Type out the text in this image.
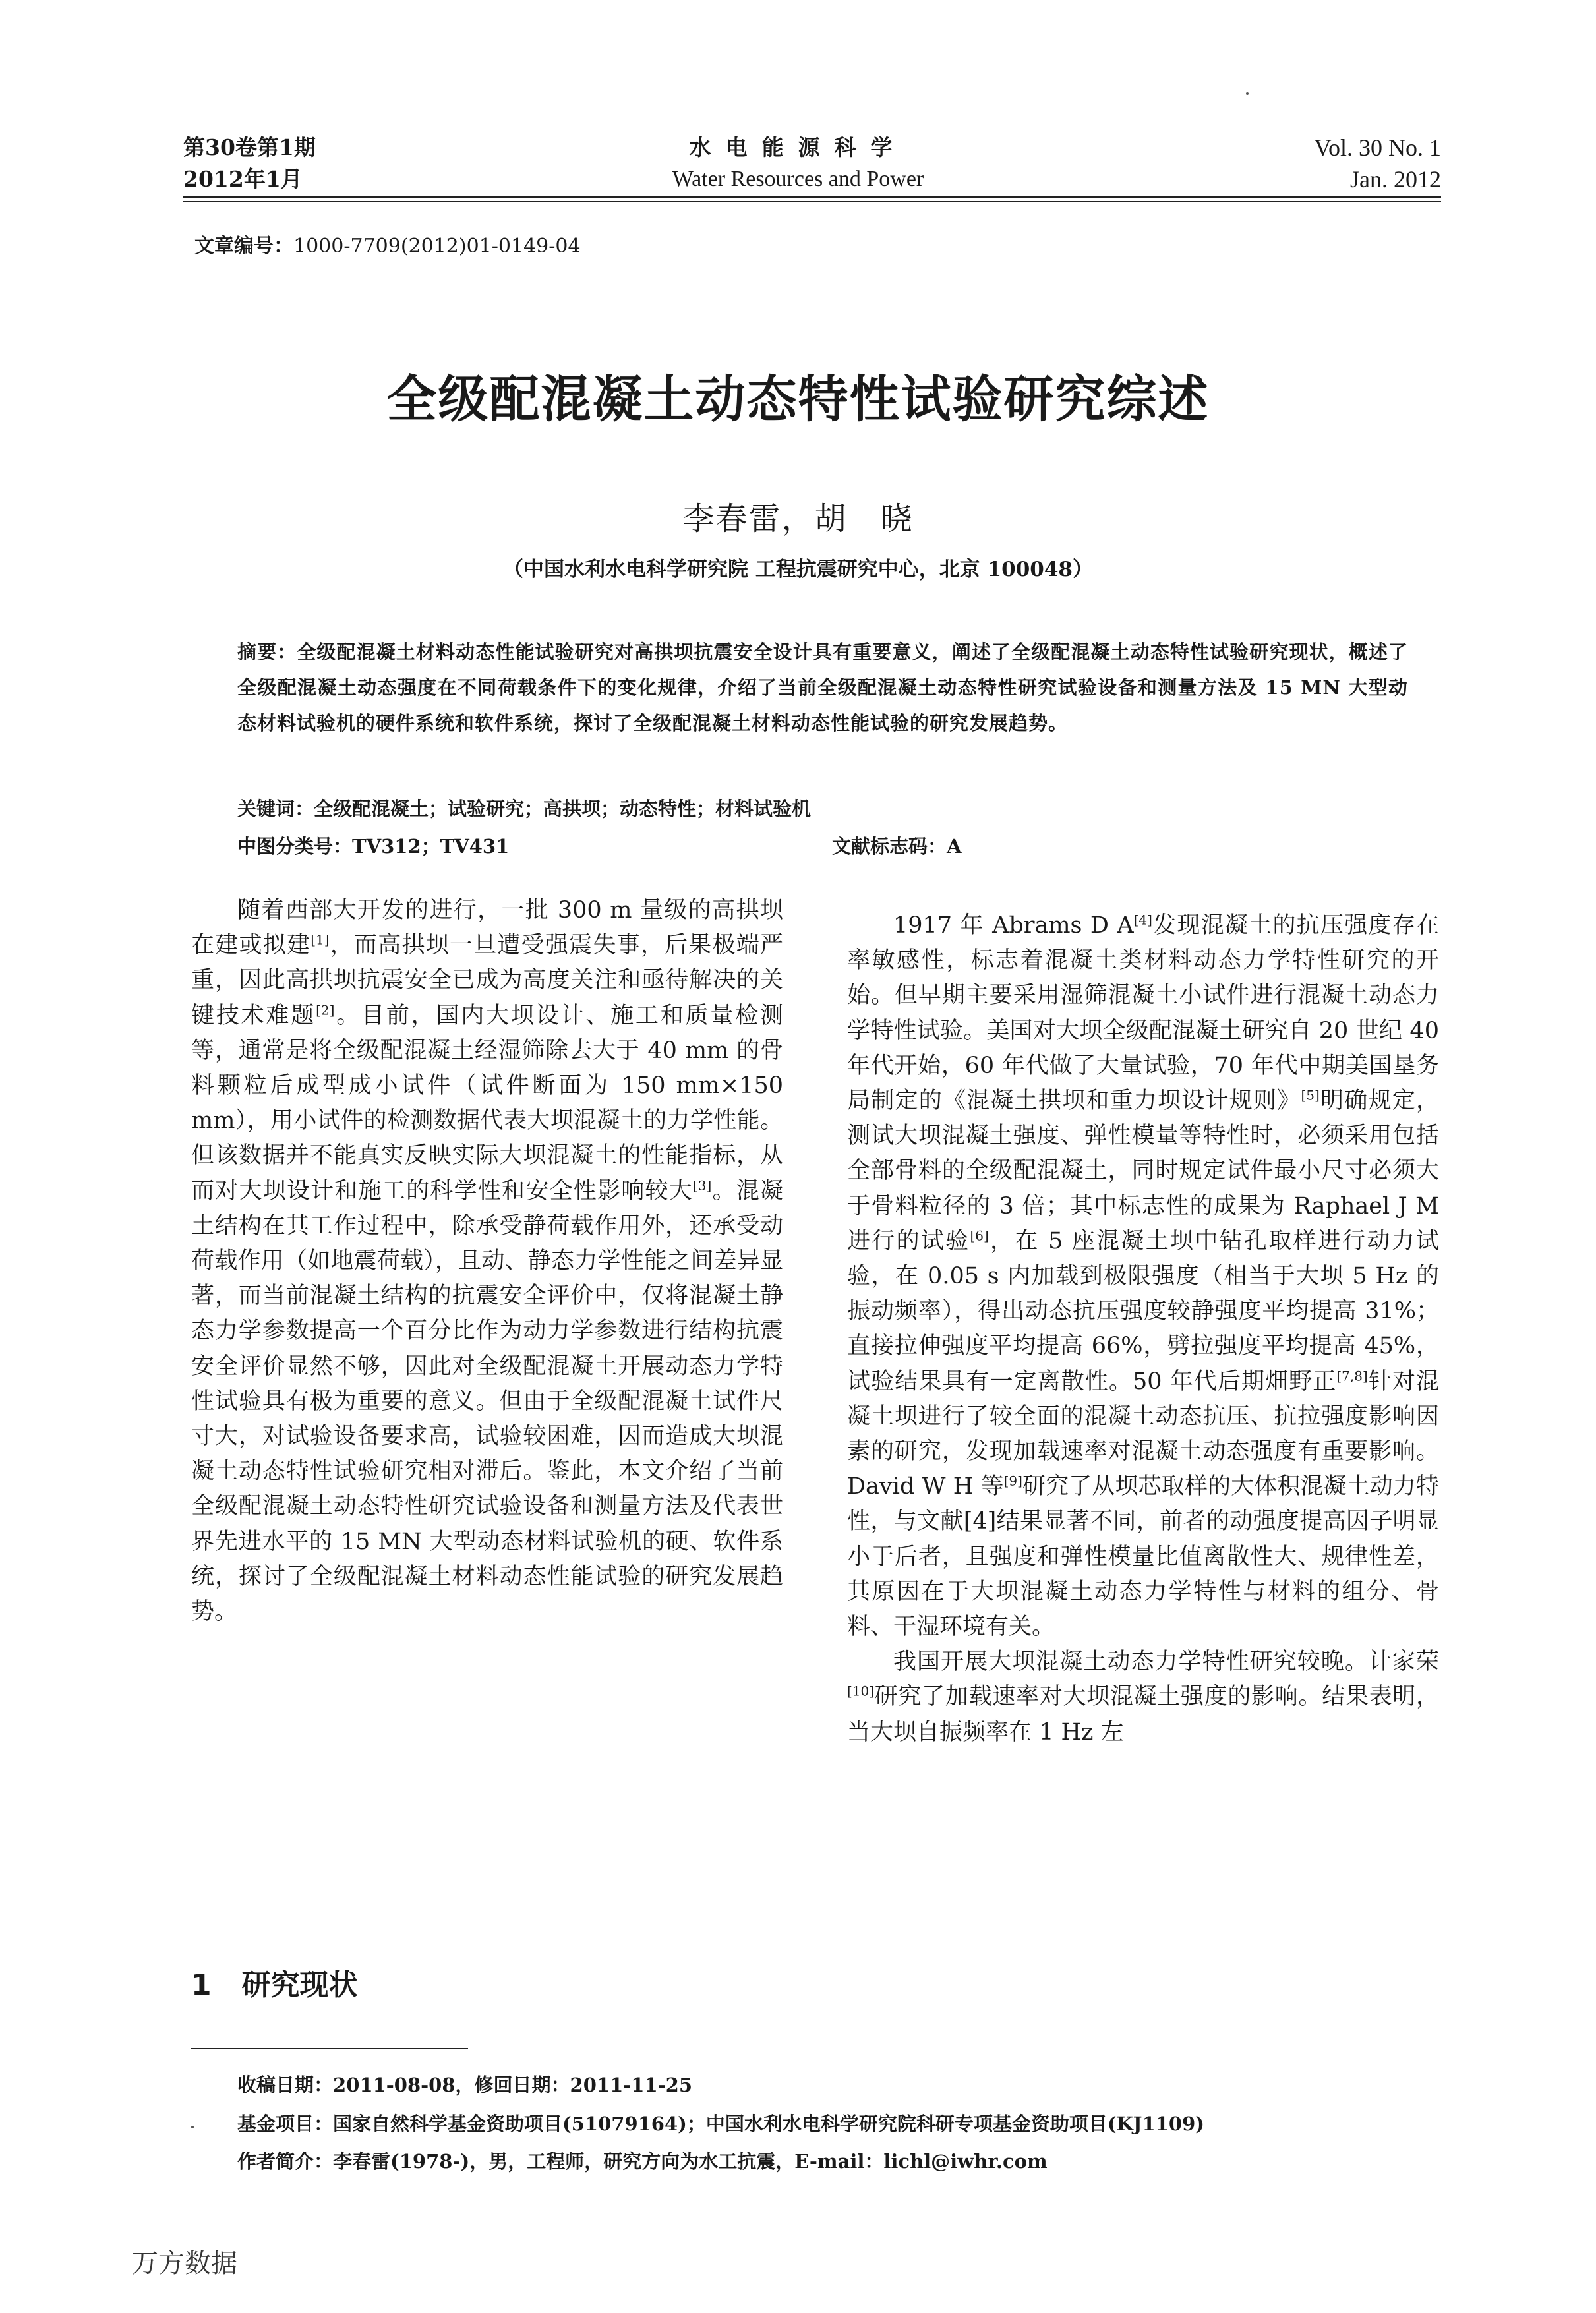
第30卷第1期
2012年1月
水电能源科学
Water Resources and Power
Vol. 30 No. 1
Jan. 2012
文章编号：1000-7709(2012)01-0149-04
全级配混凝土动态特性试验研究综述
李春雷，胡　晓
（中国水利水电科学研究院 工程抗震研究中心，北京 100048）
摘要：全级配混凝土材料动态性能试验研究对高拱坝抗震安全设计具有重要意义，阐述了全级配混凝土动态特性试验研究现状，概述了全级配混凝土动态强度在不同荷载条件下的变化规律，介绍了当前全级配混凝土动态特性研究试验设备和测量方法及 15 MN 大型动态材料试验机的硬件系统和软件系统，探讨了全级配混凝土材料动态性能试验的研究发展趋势。
关键词：全级配混凝土；试验研究；高拱坝；动态特性；材料试验机
中图分类号：TV312；TV431	文献标志码：A

随着西部大开发的进行，一批 300 m 量级的高拱坝在建或拟建[1]，而高拱坝一旦遭受强震失事，后果极端严重，因此高拱坝抗震安全已成为高度关注和亟待解决的关键技术难题[2]。目前，国内大坝设计、施工和质量检测等，通常是将全级配混凝土经湿筛除去大于 40 mm 的骨料颗粒后成型成小试件（试件断面为 150 mm×150 mm），用小试件的检测数据代表大坝混凝土的力学性能。但该数据并不能真实反映实际大坝混凝土的性能指标，从而对大坝设计和施工的科学性和安全性影响较大[3]。混凝土结构在其工作过程中，除承受静荷载作用外，还承受动荷载作用（如地震荷载），且动、静态力学性能之间差异显著，而当前混凝土结构的抗震安全评价中，仅将混凝土静态力学参数提高一个百分比作为动力学参数进行结构抗震安全评价显然不够，因此对全级配混凝土开展动态力学特性试验具有极为重要的意义。但由于全级配混凝土试件尺寸大，对试验设备要求高，试验较困难，因而造成大坝混凝土动态特性试验研究相对滞后。鉴此，本文介绍了当前全级配混凝土动态特性研究试验设备和测量方法及代表世界先进水平的 15 MN 大型动态材料试验机的硬、软件系统，探讨了全级配混凝土材料动态性能试验的研究发展趋势。

1 研究现状

1917 年 Abrams D A[4]发现混凝土的抗压强度存在率敏感性，标志着混凝土类材料动态力学特性研究的开始。但早期主要采用湿筛混凝土小试件进行混凝土动态力学特性试验。美国对大坝全级配混凝土研究自 20 世纪 40 年代开始，60 年代做了大量试验，70 年代中期美国垦务局制定的《混凝土拱坝和重力坝设计规则》[5]明确规定，测试大坝混凝土强度、弹性模量等特性时，必须采用包括全部骨料的全级配混凝土，同时规定试件最小尺寸必须大于骨料粒径的 3 倍；其中标志性的成果为 Raphael J M 进行的试验[6]，在 5 座混凝土坝中钻孔取样进行动力试验，在 0.05 s 内加载到极限强度（相当于大坝 5 Hz 的振动频率），得出动态抗压强度较静强度平均提高 31%；直接拉伸强度平均提高 66%，劈拉强度平均提高 45%，试验结果具有一定离散性。50 年代后期畑野正[7,8]针对混凝土坝进行了较全面的混凝土动态抗压、抗拉强度影响因素的研究，发现加载速率对混凝土动态强度有重要影响。David W H 等[9]研究了从坝芯取样的大体积混凝土动力特性，与文献[4]结果显著不同，前者的动强度提高因子明显小于后者，且强度和弹性模量比值离散性大、规律性差，其原因在于大坝混凝土动态力学特性与材料的组分、骨料、干湿环境有关。

我国开展大坝混凝土动态力学特性研究较晚。计家荣[10]研究了加载速率对大坝混凝土强度的影响。结果表明，当大坝自振频率在 1 Hz 左

收稿日期：2011-08-08，修回日期：2011-11-25
基金项目：国家自然科学基金资助项目(51079164)；中国水利水电科学研究院科研专项基金资助项目(KJ1109)
作者简介：李春雷(1978-)，男，工程师，研究方向为水工抗震，E-mail：lichl@iwhr.com
万方数据
